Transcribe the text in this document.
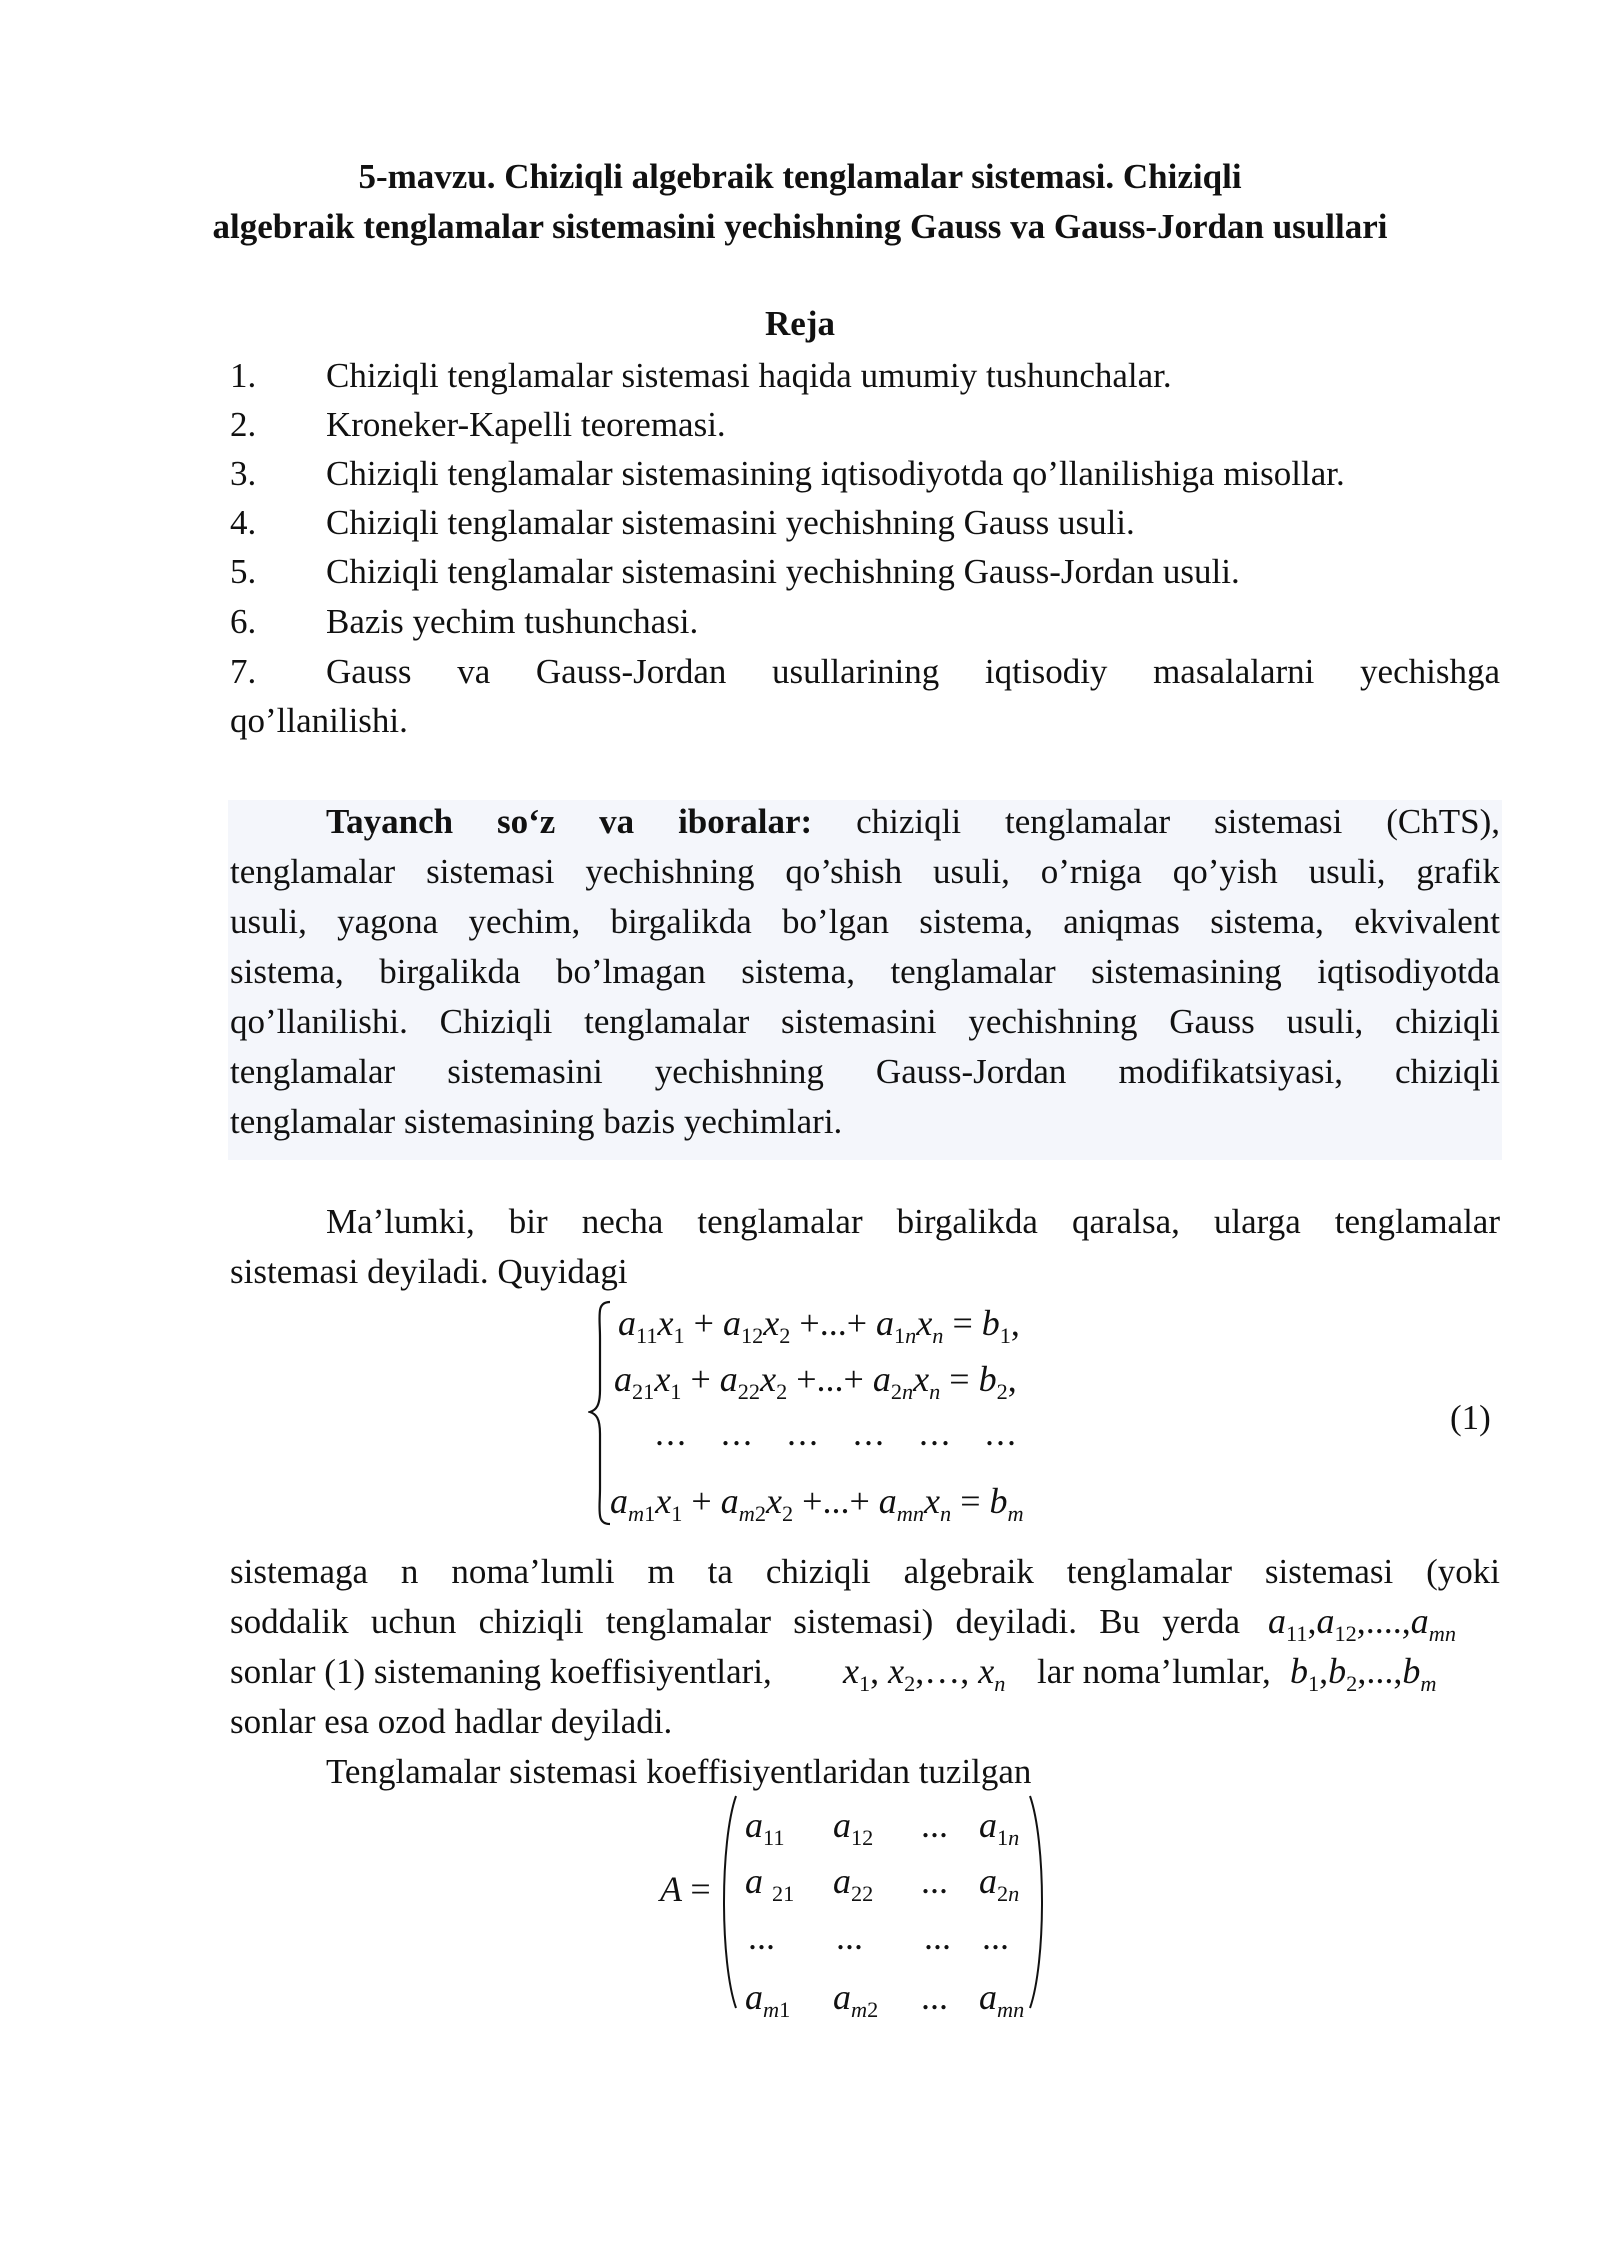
5-mavzu. Chiziqli algebraik tenglamalar sistemasi. Chiziqli
algebraik tenglamalar sistemasini yechishning Gauss va Gauss-Jordan usullari
Reja
1. Chiziqli tenglamalar sistemasi haqida umumiy tushunchalar.
2. Kroneker-Kapelli teoremasi.
3. Chiziqli tenglamalar sistemasining iqtisodiyotda qo’llanilishiga misollar.
4. Chiziqli tenglamalar sistemasini yechishning Gauss usuli.
5. Chiziqli tenglamalar sistemasini yechishning Gauss-Jordan usuli.
6. Bazis yechim tushunchasi.
7. Gauss va Gauss-Jordan usullarining iqtisodiy masalalarni yechishga
qo’llanilishi.
Tayanch so‘z va iboralar: chiziqli tenglamalar sistemasi (ChTS),
tenglamalar sistemasi yechishning qo’shish usuli, o’rniga qo’yish usuli, grafik
usuli, yagona yechim, birgalikda bo’lgan sistema, aniqmas sistema, ekvivalent
sistema, birgalikda bo’lmagan sistema, tenglamalar sistemasining iqtisodiyotda
qo’llanilishi. Chiziqli tenglamalar sistemasini yechishning Gauss usuli, chiziqli
tenglamalar sistemasini yechishning Gauss-Jordan modifikatsiyasi, chiziqli
tenglamalar sistemasining bazis yechimlari.
Ma’lumki, bir necha tenglamalar birgalikda qaralsa, ularga tenglamalar
sistemasi deyiladi. Quyidagi
$a_{11}x_1 + a_{12}x_2$ +...+ $a_{1n}x_n = b_1$,
$a_{21}x_1 + a_{22}x_2$ +...+ $a_{2n}x_n = b_2$,
...   ...   ...   ...   ...   ...
$a_{m1}x_1 + a_{m2}x_2$ +...+ $a_{mn}x_n = b_m$
(1)
sistemaga n noma’lumli m ta chiziqli algebraik tenglamalar sistemasi (yoki
soddalik uchun chiziqli tenglamalar sistemasi) deyiladi. Bu yerda $a_{11},a_{12},....,a_{mn}$
sonlar (1) sistemaning koeffisiyentlari, $x_1$, $x_2,\dots$, $x_n$ lar noma’lumlar, $b_1,b_2,...,b_m$
sonlar esa ozod hadlar deyiladi.
Tenglamalar sistemasi koeffisiyentlaridan tuzilgan
A =
$a_{11}$ $a_{12}$ ... $a_{1n}$
a $_{21}$ $a_{22}$ ... $a_{2n}$
... ... ... ...
$a_{m1}$ $a_{m2}$ ... $a_{mn}$
